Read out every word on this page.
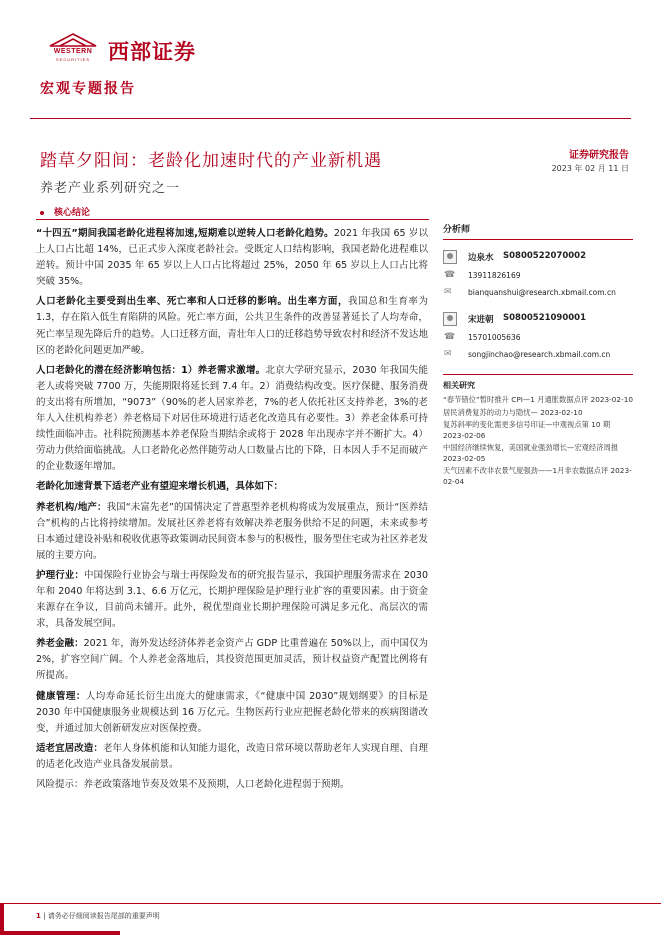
WESTERN
SECURITIES 西部证券
宏观专题报告
踏草夕阳间：老龄化加速时代的产业新机遇
养老产业系列研究之一
证券研究报告
2023 年 02 月 11 日
核心结论

“十四五”期间我国老龄化进程将加速,短期难以逆转人口老龄化趋势。2021 年我国 65 岁以上人口占比超 14%，已正式步入深度老龄社会。受既定人口结构影响，我国老龄化进程难以逆转。预计中国 2035 年 65 岁以上人口占比将超过 25%，2050 年 65 岁以上人口占比将突破 35%。

人口老龄化主要受到出生率、死亡率和人口迁移的影响。出生率方面，我国总和生育率为 1.3，存在陷入低生育陷阱的风险。死亡率方面，公共卫生条件的改善显著延长了人均寿命，死亡率呈现先降后升的趋势。人口迁移方面，青壮年人口的迁移趋势导致农村和经济不发达地区的老龄化问题更加严峻。

人口老龄化的潜在经济影响包括：1）养老需求激增。北京大学研究显示，2030 年我国失能老人或将突破 7700 万，失能期限将延长到 7.4 年。2）消费结构改变。医疗保健、服务消费的支出将有所增加，“9073”（90%的老人居家养老，7%的老人依托社区支持养老，3%的老年人入住机构养老）养老格局下对居住环境进行适老化改造具有必要性。3）养老金体系可持续性面临冲击。社科院预测基本养老保险当期结余或将于 2028 年出现赤字并不断扩大。4）劳动力供给面临挑战。人口老龄化必然伴随劳动人口数量占比的下降，日本因人手不足而破产的企业数逐年增加。

老龄化加速背景下适老产业有望迎来增长机遇，具体如下：

养老机构/地产：我国“未富先老”的国情决定了普惠型养老机构将成为发展重点，预计“医养结合”机构的占比将持续增加。发展社区养老将有效解决养老服务供给不足的问题，未来或参考日本通过建设补贴和税收优惠等政策调动民间资本参与的积极性，服务型住宅或为社区养老发展的主要方向。

护理行业：中国保险行业协会与瑞士再保险发布的研究报告显示，我国护理服务需求在 2030 年和 2040 年将达到 3.1、6.6 万亿元，长期护理保险是护理行业扩容的重要因素。由于资金来源存在争议，目前尚未铺开。此外，税优型商业长期护理保险可满足多元化、高层次的需求，具备发展空间。

养老金融：2021 年，海外发达经济体养老金资产占 GDP 比重普遍在 50%以上，而中国仅为 2%，扩容空间广阔。个人养老金落地后，其投资范围更加灵活，预计权益资产配置比例将有所提高。

健康管理：人均寿命延长衍生出庞大的健康需求，《“健康中国 2030”规划纲要》的目标是 2030 年中国健康服务业规模达到 16 万亿元。生物医药行业应把握老龄化带来的疾病图谱改变，并通过加大创新研发应对医保控费。

适老宜居改造：老年人身体机能和认知能力退化，改造日常环境以帮助老年人实现自理、自理的适老化改造产业具备发展前景。

风险提示：养老政策落地节奏及效果不及预期，人口老龄化进程弱于预期。

分析师
边泉水 S0800522070002
☎ 13911826169
✉	bianquanshui@research.xbmail.com.cn
宋进朝 S0800521090001
☎ 15701005636
✉	songjinchao@research.xbmail.com.cn
相关研究
“春节错位”暂时推升 CPI—1 月通胀数据点评 2023-02-10
居民消费复苏的动力与隐忧— 2023-02-10
复苏斜率的变化需更多信号印证—中观视点第 10 期 2023-02-06
中国经济继续恢复，美国就业强劲增长—宏观经济周报 2023-02-05
天气因素不改非农景气度强劲——1月非农数据点评 2023-02-04
1 | 请务必仔细阅读报告尾部的重要声明
